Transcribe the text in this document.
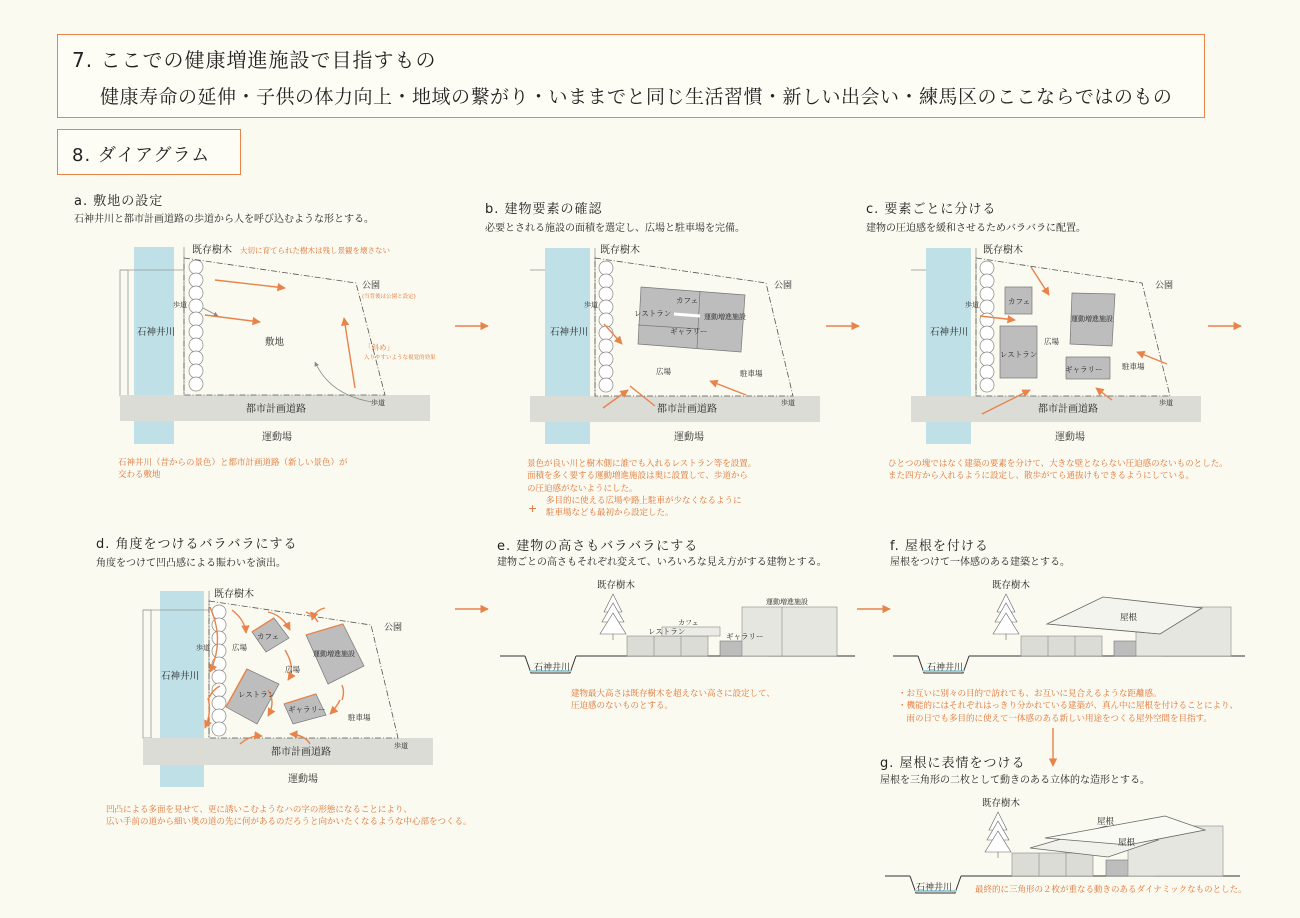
7. ここでの健康増進施設で目指すもの
健康寿命の延伸・子供の体力向上・地域の繋がり・いままでと同じ生活習慣・新しい出会い・練馬区のここならではのもの
8. ダイアグラム
a. 敷地の設定
石神井川と都市計画道路の歩道から人を呼び込むような形とする。
b. 建物要素の確認
必要とされる施設の面積を選定し、広場と駐車場を完備。
c. 要素ごとに分ける
建物の圧迫感を緩和させるためバラバラに配置。
d. 角度をつけるバラバラにする
角度をつけて凹凸感による賑わいを演出。
e. 建物の高さもバラバラにする
建物ごとの高さもそれぞれ変えて、いろいろな見え方がする建物とする。
f. 屋根を付ける
屋根をつけて一体感のある建築とする。
g. 屋根に表情をつける
屋根を三角形の二枚として動きのある立体的な造形とする。
石神井川（昔からの景色）と都市計画道路（新しい景色）が
交わる敷地
景色が良い川と樹木側に誰でも入れるレストラン等を設置。
面積を多く要する運動増進施設は奥に設置して、歩道から
の圧迫感がないようにした。
+
多目的に使える広場や路上駐車が少なくなるように
駐車場なども最初から設定した。
ひとつの塊ではなく建築の要素を分けて、大きな壁とならない圧迫感のないものとした。
また四方から入れるように設定し、散歩がてら通抜けもできるようにしている。
凹凸による多面を見せて、更に誘いこむようなハの字の形態になることにより、
広い手前の道から細い奥の道の先に何があるのだろうと向かいたくなるような中心部をつくる。
建物最大高さは既存樹木を超えない高さに設定して、
圧迫感のないものとする。
・お互いに別々の目的で訪れても、お互いに見合えるような距離感。
・機能的にはそれぞれはっきり分かれている建築が、真ん中に屋根を付けることにより、
　雨の日でも多目的に使えて一体感のある新しい用途をつくる屋外空間を目指す。
最終的に三角形の２枚が重なる動きのあるダイナミックなものとした。
既存樹木 大切に育てられた樹木は残し景観を壊さない
公園
(当背後は公園と設定)
石神井川
歩道
敷地	「斜め」
入りやすいような視覚的効果
都市計画道路
歩道
運動場
既存樹木
公園
石神井川
歩道	カフェ
運動増進施設
レストラン
ギャラリー
広場	駐車場
都市計画道路
歩道
運動場
既存樹木
公園
石神井川
歩道	カフェ
運動増進施設
レストラン
ギャラリー
広場
駐車場
都市計画道路
歩道
運動場
既存樹木
公園
石神井川
歩道	広場
カフェ
運動増進施設
広場
レストラン
ギャラリー
駐車場
都市計画道路
歩道
運動場
既存樹木
カフェ
レストラン
ギャラリー
運動増進施設
石神井川
既存樹木
屋根
石神井川
既存樹木
屋根
屋根
石神井川
